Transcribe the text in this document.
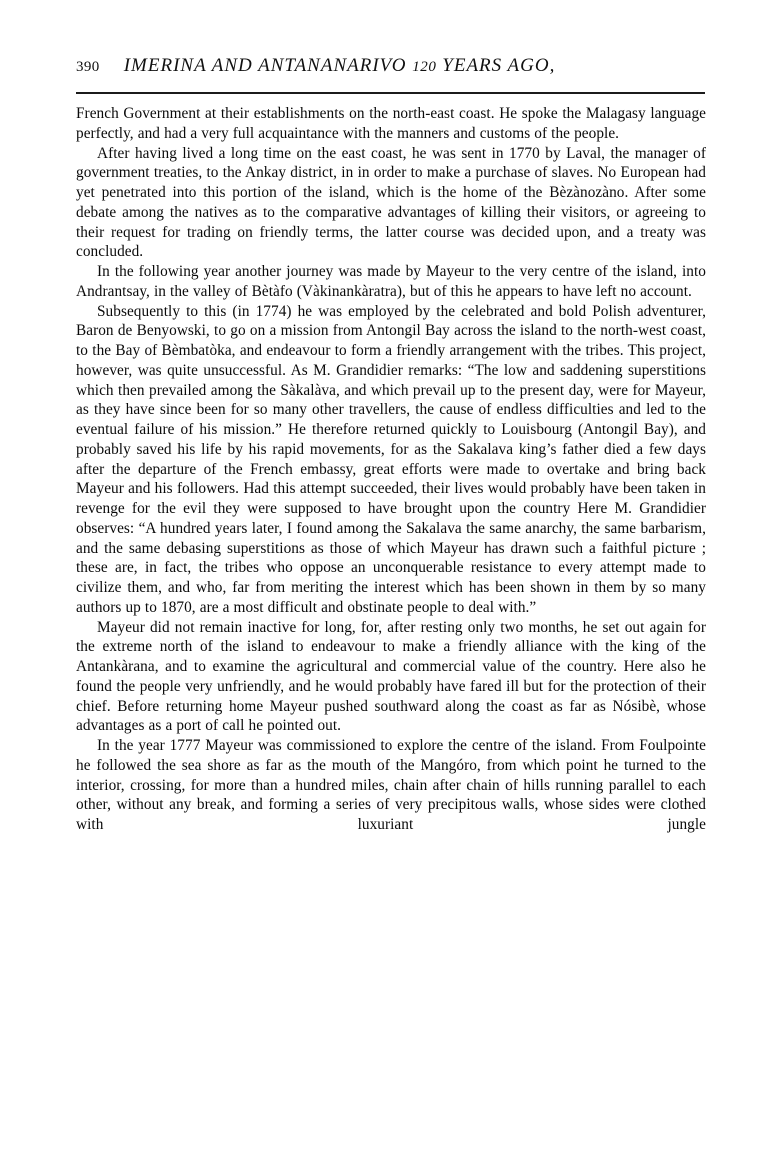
390 IMERINA AND ANTANANARIVO 120 YEARS AGO,

French Government at their establishments on the north-east coast. He spoke the Malagasy language perfectly, and had a very full acquaintance with the manners and customs of the people.

After having lived a long time on the east coast, he was sent in 1770 by Laval, the manager of government treaties, to the Ankay district, in in order to make a purchase of slaves. No European had yet penetrated into this portion of the island, which is the home of the Bèzànozàno. After some debate among the natives as to the comparative advantages of killing their visitors, or agreeing to their request for trading on friendly terms, the latter course was decided upon, and a treaty was concluded.

In the following year another journey was made by Mayeur to the very centre of the island, into Andrantsay, in the valley of Bètàfo (Vàkinankàratra), but of this he appears to have left no account.

Subsequently to this (in 1774) he was employed by the celebrated and bold Polish adventurer, Baron de Benyowski, to go on a mission from Antongil Bay across the island to the north-west coast, to the Bay of Bèmbatòka, and endeavour to form a friendly arrangement with the tribes. This project, however, was quite unsuccessful. As M. Grandidier remarks: “The low and saddening superstitions which then prevailed among the Sàkalàva, and which prevail up to the present day, were for Mayeur, as they have since been for so many other travellers, the cause of endless difficulties and led to the eventual failure of his mission.” He therefore returned quickly to Louisbourg (Antongil Bay), and probably saved his life by his rapid movements, for as the Sakalava king’s father died a few days after the departure of the French embassy, great efforts were made to overtake and bring back Mayeur and his followers. Had this attempt succeeded, their lives would probably have been taken in revenge for the evil they were supposed to have brought upon the country Here M. Grandidier observes: “A hundred years later, I found among the Sakalava the same anarchy, the same barbarism, and the same debasing superstitions as those of which Mayeur has drawn such a faithful picture ; these are, in fact, the tribes who oppose an unconquerable resistance to every attempt made to civilize them, and who, far from meriting the interest which has been shown in them by so many authors up to 1870, are a most difficult and obstinate people to deal with.”

Mayeur did not remain inactive for long, for, after resting only two months, he set out again for the extreme north of the island to endeavour to make a friendly alliance with the king of the Antankàrana, and to examine the agricultural and commercial value of the country. Here also he found the people very unfriendly, and he would probably have fared ill but for the protection of their chief. Before returning home Mayeur pushed southward along the coast as far as Nósibè, whose advantages as a port of call he pointed out.

In the year 1777 Mayeur was commissioned to explore the centre of the island. From Foulpointe he followed the sea shore as far as the mouth of the Mangóro, from which point he turned to the interior, crossing, for more than a hundred miles, chain after chain of hills running parallel to each other, without any break, and forming a series of very precipitous walls, whose sides were clothed with luxuriant jungle
